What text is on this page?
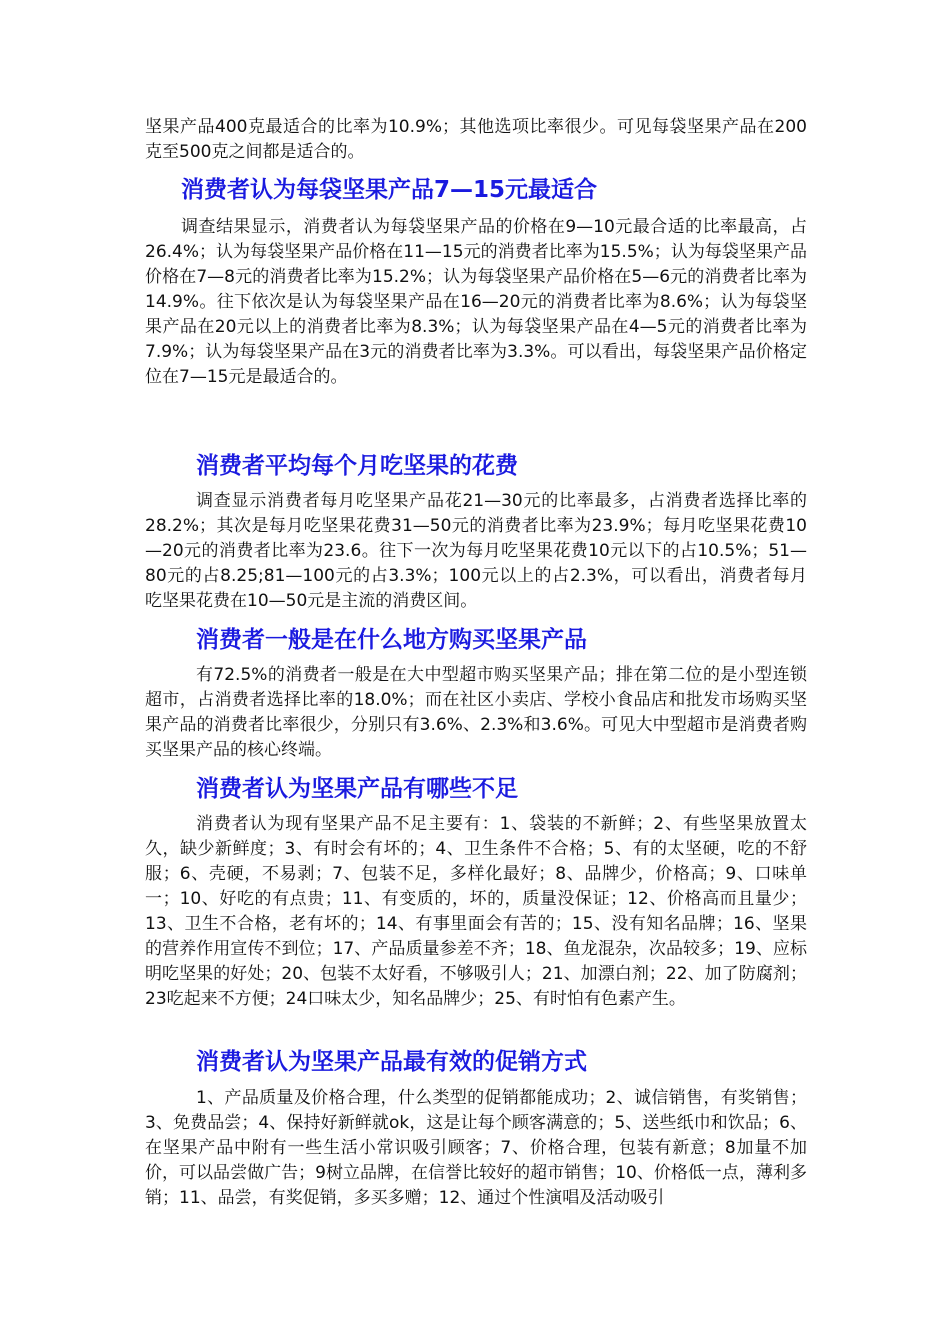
坚果产品400克最适合的比率为10.9%；其他选项比率很少。可见每袋坚果产品在200克至500克之间都是适合的。

消费者认为每袋坚果产品7—15元最适合

调查结果显示，消费者认为每袋坚果产品的价格在9—10元最合适的比率最高，占26.4%；认为每袋坚果产品价格在11—15元的消费者比率为15.5%；认为每袋坚果产品价格在7—8元的消费者比率为15.2%；认为每袋坚果产品价格在5—6元的消费者比率为14.9%。往下依次是认为每袋坚果产品在16—20元的消费者比率为8.6%；认为每袋坚果产品在20元以上的消费者比率为8.3%；认为每袋坚果产品在4—5元的消费者比率为7.9%；认为每袋坚果产品在3元的消费者比率为3.3%。可以看出，每袋坚果产品价格定位在7—15元是最适合的。

消费者平均每个月吃坚果的花费

调查显示消费者每月吃坚果产品花21—30元的比率最多，占消费者选择比率的28.2%；其次是每月吃坚果花费31—50元的消费者比率为23.9%；每月吃坚果花费10—20元的消费者比率为23.6。往下一次为每月吃坚果花费10元以下的占10.5%；51—80元的占8.25;81—100元的占3.3%；100元以上的占2.3%，可以看出，消费者每月吃坚果花费在10—50元是主流的消费区间。

消费者一般是在什么地方购买坚果产品

有72.5%的消费者一般是在大中型超市购买坚果产品；排在第二位的是小型连锁超市，占消费者选择比率的18.0%；而在社区小卖店、学校小食品店和批发市场购买坚果产品的消费者比率很少，分别只有3.6%、2.3%和3.6%。可见大中型超市是消费者购买坚果产品的核心终端。

消费者认为坚果产品有哪些不足

消费者认为现有坚果产品不足主要有：1、袋装的不新鲜；2、有些坚果放置太久，缺少新鲜度；3、有时会有坏的；4、卫生条件不合格；5、有的太坚硬，吃的不舒服；6、壳硬，不易剥；7、包装不足，多样化最好；8、品牌少，价格高；9、口味单一；10、好吃的有点贵；11、有变质的，坏的，质量没保证；12、价格高而且量少；13、卫生不合格，老有坏的；14、有事里面会有苦的；15、没有知名品牌；16、坚果的营养作用宣传不到位；17、产品质量参差不齐；18、鱼龙混杂，次品较多；19、应标明吃坚果的好处；20、包装不太好看，不够吸引人；21、加漂白剂；22、加了防腐剂；23吃起来不方便；24口味太少，知名品牌少；25、有时怕有色素产生。

消费者认为坚果产品最有效的促销方式

1、产品质量及价格合理，什么类型的促销都能成功；2、诚信销售，有奖销售；3、免费品尝；4、保持好新鲜就ok，这是让每个顾客满意的；5、送些纸巾和饮品；6、在坚果产品中附有一些生活小常识吸引顾客；7、价格合理，包装有新意；8加量不加价，可以品尝做广告；9树立品牌，在信誉比较好的超市销售；10、价格低一点，薄利多销；11、品尝，有奖促销，多买多赠；12、通过个性演唱及活动吸引
